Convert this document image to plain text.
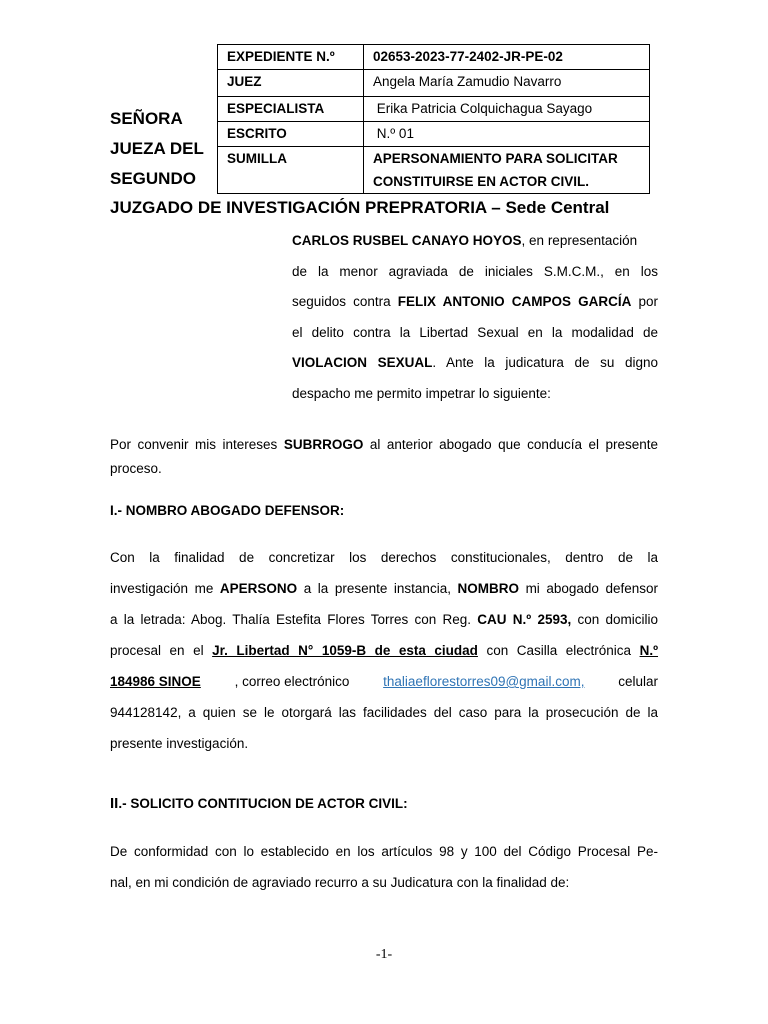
EXPEDIENTE N.º	02653-2023-77-2402-JR-PE-02
JUEZ	Angela María Zamudio Navarro
ESPECIALISTA	Erika Patricia Colquichagua Sayago
ESCRITO	N.º 01
SUMILLA	APERSONAMIENTO PARA SOLICITAR
CONSTITUIRSE EN ACTOR CIVIL.
SEÑORA
JUEZA DEL
SEGUNDO
JUZGADO DE INVESTIGACIÓN PREPRATORIA – Sede Central
CARLOS RUSBEL CANAYO HOYOS, en representación
de la menor agraviada de iniciales S.M.C.M., en los
seguidos contra FELIX ANTONIO CAMPOS GARCÍA por
el delito contra la Libertad Sexual en la modalidad de
VIOLACION SEXUAL. Ante la judicatura de su digno
despacho me permito impetrar lo siguiente:
Por convenir mis intereses SUBRROGO al anterior abogado que conducía el presente
proceso.
I.- NOMBRO ABOGADO DEFENSOR:
Con la finalidad de concretizar los derechos constitucionales, dentro de la
investigación me APERSONO a la presente instancia, NOMBRO mi abogado defensor
a la letrada: Abog. Thalía Estefita Flores Torres con Reg. CAU N.º 2593, con domicilio
procesal en el Jr. Libertad N° 1059-B de esta ciudad con Casilla electrónica N.º
184986 SINOE	, correo electrónico	thaliaeflorestorres09@gmail.com,	celular
944128142, a quien se le otorgará las facilidades del caso para la prosecución de la
presente investigación.
II.- SOLICITO CONTITUCION DE ACTOR CIVIL:
De conformidad con lo establecido en los artículos 98 y 100 del Código Procesal Pe-
nal, en mi condición de agraviado recurro a su Judicatura con la finalidad de:
-1-
